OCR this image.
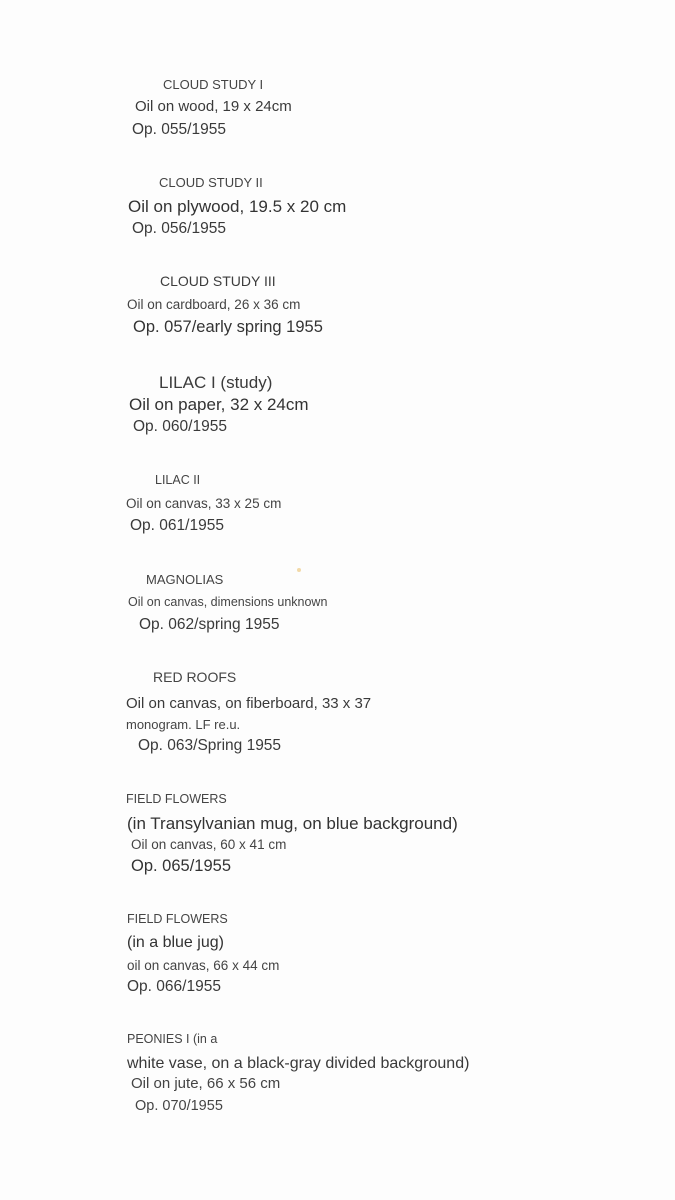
CLOUD STUDY I
Oil on wood, 19 x 24cm
Op. 055/1955
CLOUD STUDY II
Oil on plywood, 19.5 x 20 cm
Op. 056/1955
CLOUD STUDY III
Oil on cardboard, 26 x 36 cm
Op. 057/early spring 1955
LILAC I (study)
Oil on paper, 32 x 24cm
Op. 060/1955
LILAC II
Oil on canvas, 33 x 25 cm
Op. 061/1955
MAGNOLIAS
Oil on canvas, dimensions unknown
Op. 062/spring 1955
RED ROOFS
Oil on canvas, on fiberboard, 33 x 37
monogram. LF re.u.
Op. 063/Spring 1955
FIELD FLOWERS
(in Transylvanian mug, on blue background)
Oil on canvas, 60 x 41 cm
Op. 065/1955
FIELD FLOWERS
(in a blue jug)
oil on canvas, 66 x 44 cm
Op. 066/1955
PEONIES I (in a
white vase, on a black-gray divided background)
Oil on jute, 66 x 56 cm
Op. 070/1955
